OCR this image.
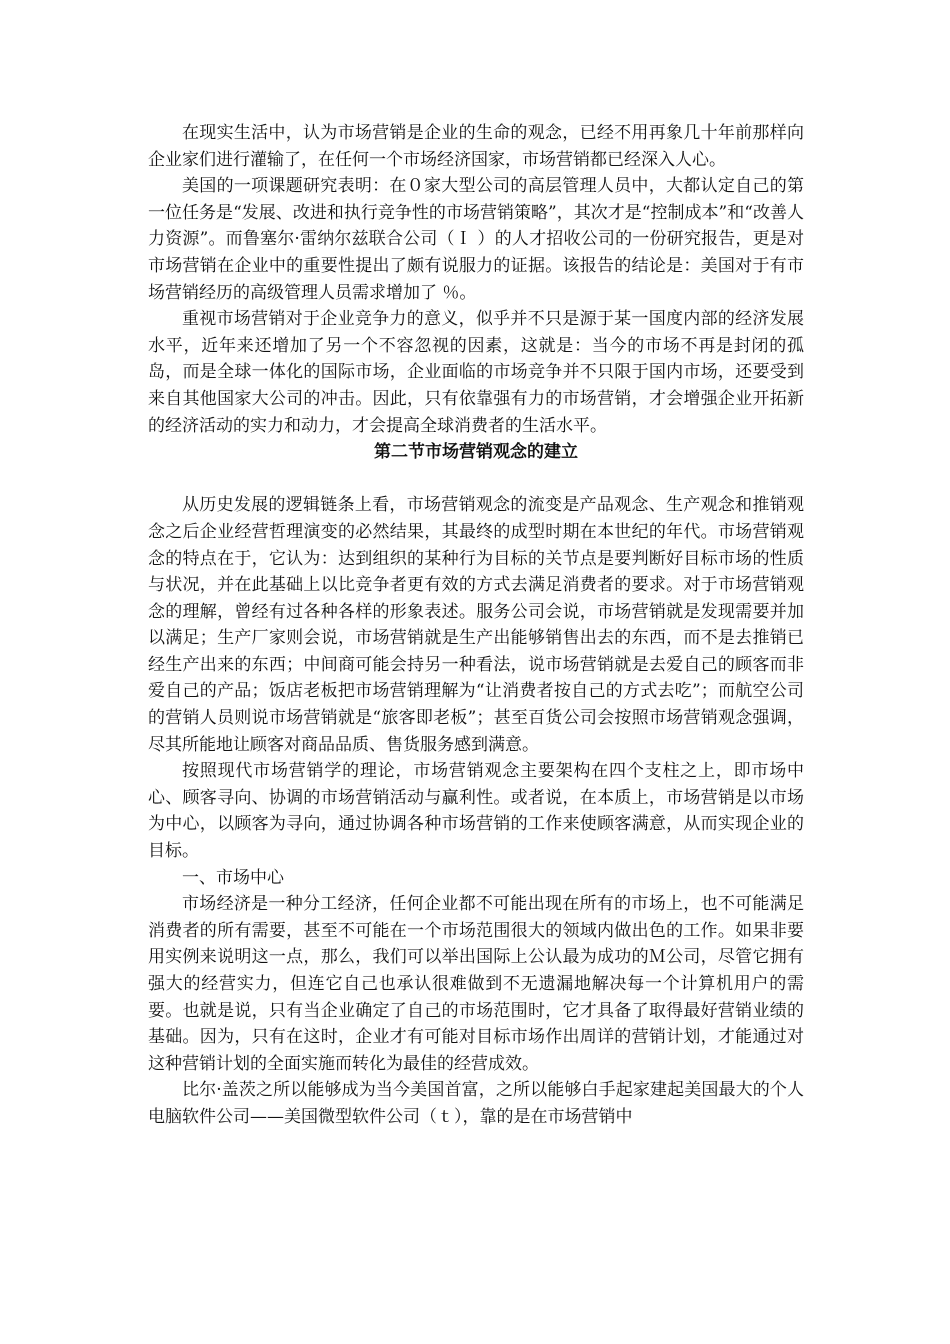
在现实生活中，认为市场营销是企业的生命的观念，已经不用再象几十年前那样向企业家们进行灌输了，在任何一个市场经济国家，市场营销都已经深入人心。

美国的一项课题研究表明：在０家大型公司的高层管理人员中，大都认定自己的第一位任务是“发展、改进和执行竞争性的市场营销策略”，其次才是“控制成本”和“改善人力资源”。而鲁塞尔·雷纳尔兹联合公司（Ｉ ）的人才招收公司的一份研究报告，更是对市场营销在企业中的重要性提出了颇有说服力的证据。该报告的结论是：美国对于有市场营销经历的高级管理人员需求增加了 ％。

重视市场营销对于企业竞争力的意义，似乎并不只是源于某一国度内部的经济发展水平，近年来还增加了另一个不容忽视的因素，这就是：当今的市场不再是封闭的孤岛，而是全球一体化的国际市场，企业面临的市场竞争并不只限于国内市场，还要受到来自其他国家大公司的冲击。因此，只有依靠强有力的市场营销，才会增强企业开拓新的经济活动的实力和动力，才会提高全球消费者的生活水平。

第二节市场营销观念的建立

从历史发展的逻辑链条上看，市场营销观念的流变是产品观念、生产观念和推销观念之后企业经营哲理演变的必然结果，其最终的成型时期在本世纪的年代。市场营销观念的特点在于，它认为：达到组织的某种行为目标的关节点是要判断好目标市场的性质与状况，并在此基础上以比竞争者更有效的方式去满足消费者的要求。对于市场营销观念的理解，曾经有过各种各样的形象表述。服务公司会说，市场营销就是发现需要并加以满足；生产厂家则会说，市场营销就是生产出能够销售出去的东西，而不是去推销已经生产出来的东西；中间商可能会持另一种看法，说市场营销就是去爱自己的顾客而非爱自己的产品；饭店老板把市场营销理解为“让消费者按自己的方式去吃”；而航空公司的营销人员则说市场营销就是“旅客即老板”；甚至百货公司会按照市场营销观念强调，尽其所能地让顾客对商品品质、售货服务感到满意。

按照现代市场营销学的理论，市场营销观念主要架构在四个支柱之上，即市场中心、顾客寻向、协调的市场营销活动与赢利性。或者说，在本质上，市场营销是以市场为中心，以顾客为寻向，通过协调各种市场营销的工作来使顾客满意，从而实现企业的目标。

一、市场中心

市场经济是一种分工经济，任何企业都不可能出现在所有的市场上，也不可能满足消费者的所有需要，甚至不可能在一个市场范围很大的领域内做出色的工作。如果非要用实例来说明这一点，那么，我们可以举出国际上公认最为成功的Ｍ公司，尽管它拥有强大的经营实力，但连它自己也承认很难做到不无遗漏地解决每一个计算机用户的需要。也就是说，只有当企业确定了自己的市场范围时，它才具备了取得最好营销业绩的基础。因为，只有在这时，企业才有可能对目标市场作出周详的营销计划，才能通过对这种营销计划的全面实施而转化为最佳的经营成效。

比尔·盖茨之所以能够成为当今美国首富，之所以能够白手起家建起美国最大的个人电脑软件公司——美国微型软件公司（ｔ），靠的是在市场营销中
